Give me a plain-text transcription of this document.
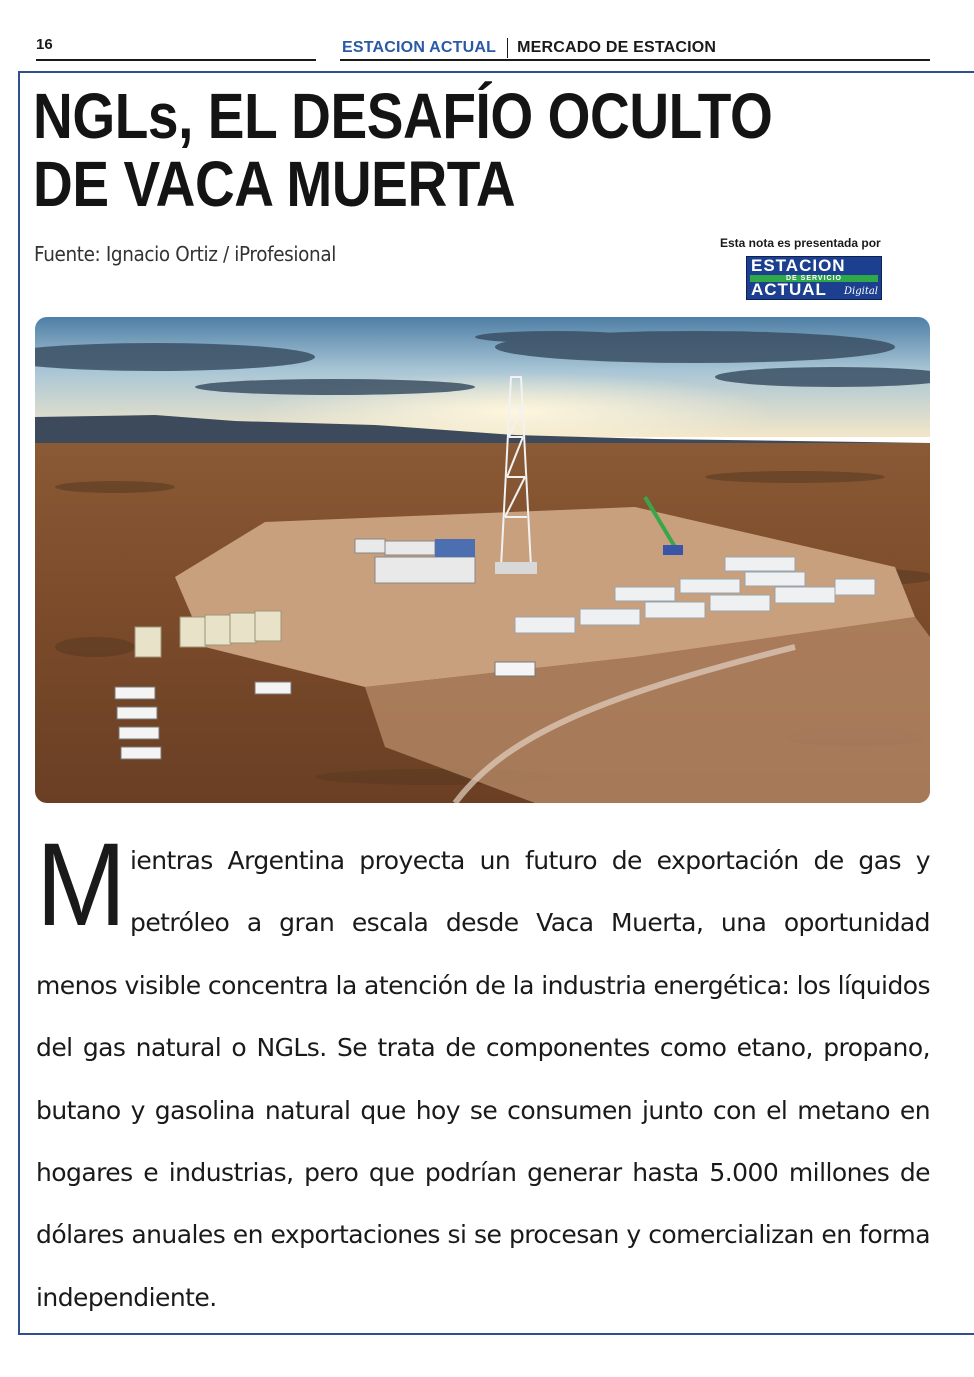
16	ESTACION ACTUAL MERCADO DE ESTACION
NGLs, EL DESAFÍO OCULTO DE VACA MUERTA
Fuente: Ignacio Ortiz / iProfesional	Esta nota es presentada por
ESTACION
DE SERVICIO
ACTUAL	Digital
M ientras Argentina proyecta un futuro de exportación de gas y petróleo a gran escala desde Vaca Muerta, una oportunidad menos visible concentra la atención de la industria energética: los líquidos del gas natural o NGLs. Se trata de componentes como etano, propano, butano y gasolina natural que hoy se consumen junto con el metano en hogares e industrias, pero que podrían generar hasta 5.000 millones de dólares anuales en exportaciones si se procesan y comercializan en forma independiente.
